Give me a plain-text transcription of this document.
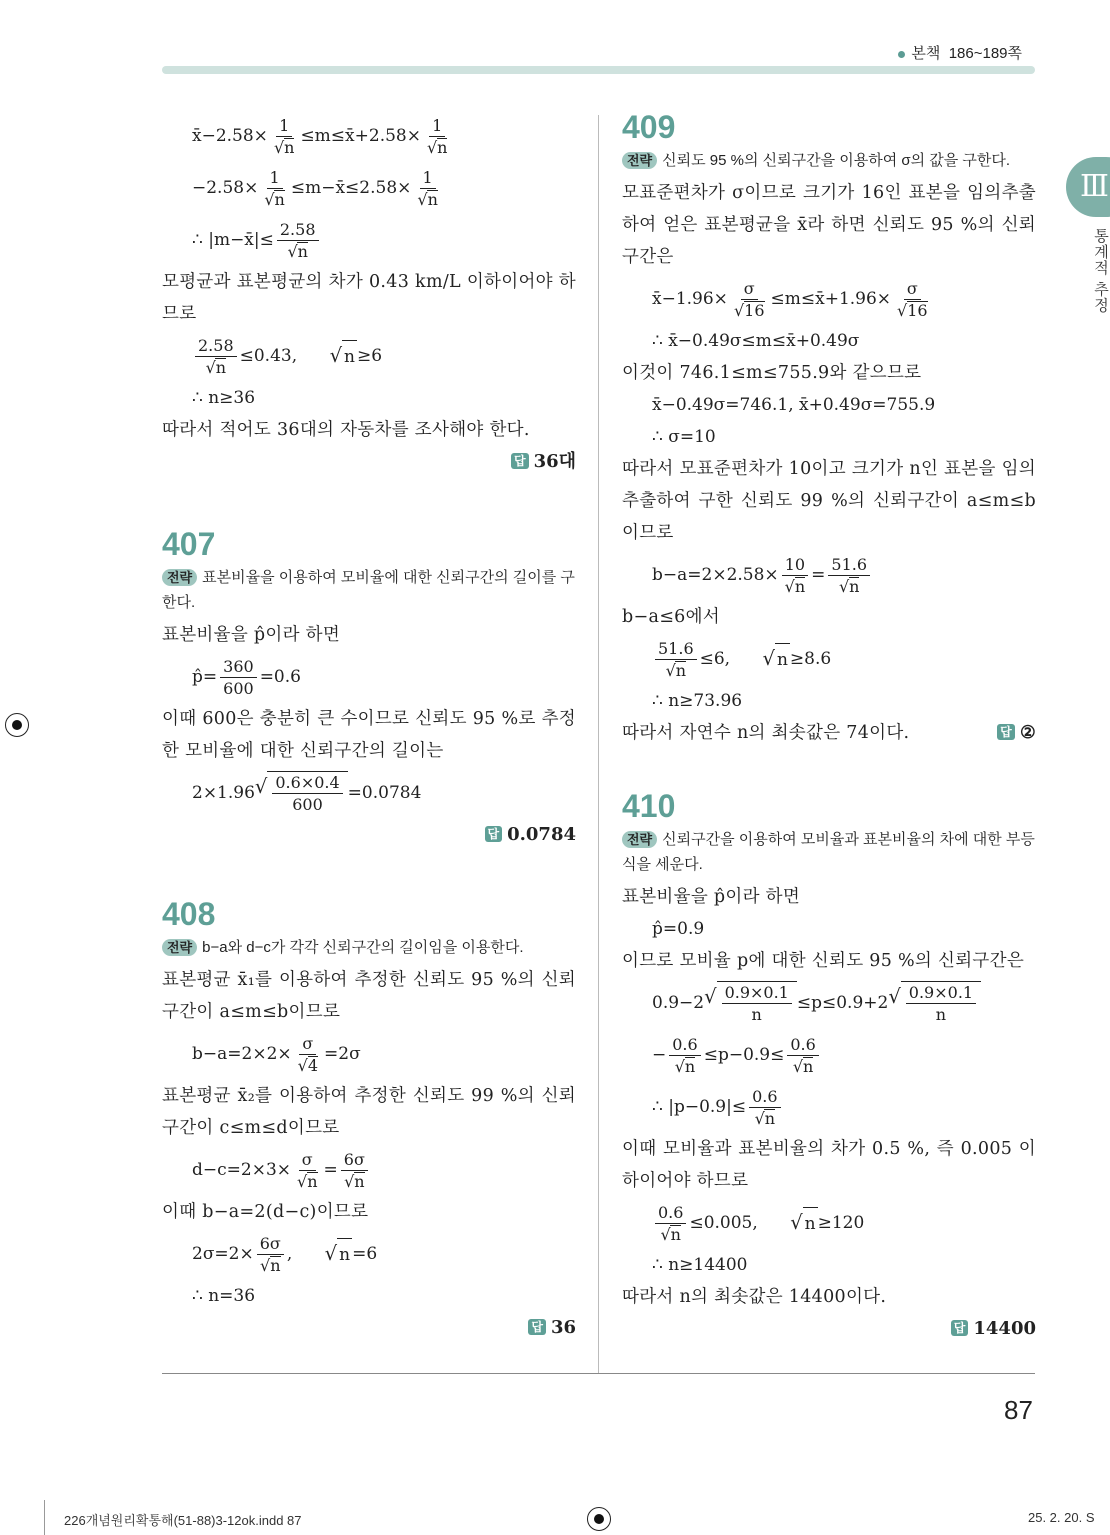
본책 186~189쪽
Ⅲ
통계적 추정
87
x̄−2.58× $\frac{1}{√n}$ ≤m≤x̄+2.58× $\frac{1}{√n}$
$-2.58\times \frac{1}{√n}$ ≤m−x̄≤2.58× $\frac{1}{√n}$
∴ |m−x̄|≤ $\frac{2.58}{√n}$
모평균과 표본평균의 차가 0.43 km/L 이하이어야 하므로
$\frac{2.58}{√n} \le 0.43$, √ n ≥6
∴ n≥36
따라서 적어도 36대의 자동차를 조사해야 한다.
답 36대
407
전략 표본비율을 이용하여 모비율에 대한 신뢰구간의 길이를 구한다.
표본비율을 p̂이라 하면
p̂= $\frac{360}{600} =0.6$
이때 600은 충분히 큰 수이므로 신뢰도 95 %로 추정한 모비율에 대한 신뢰구간의 길이는
2×1.96 √ $\frac{0.6\times 0.4}{600} =0.0784$
답 0.0784
408
전략 b−a와 d−c가 각각 신뢰구간의 길이임을 이용한다.
표본평균 x̄₁를 이용하여 추정한 신뢰도 95 %의 신뢰구간이 a≤m≤b이므로
$b-a=2\times 2\times \frac{\sigma}{√4} =2\sigma$
표본평균 x̄₂를 이용하여 추정한 신뢰도 99 %의 신뢰구간이 c≤m≤d이므로
$d-c=2\times 3\times \frac{\sigma}{√n} = \frac{6\sigma}{√n}$
이때 b−a=2(d−c)이므로
$2\sigma=2\times \frac{6\sigma}{√n}$ , √ n =6
∴ n=36
답 36
409
전략 신뢰도 95 %의 신뢰구간을 이용하여 σ의 값을 구한다.
모표준편차가 σ이므로 크기가 16인 표본을 임의추출하여 얻은 표본평균을 x̄라 하면 신뢰도 95 %의 신뢰구간은
x̄−1.96× $\frac{\sigma}{√16}$ ≤m≤x̄+1.96× $\frac{\sigma}{√16}$
∴ x̄−0.49σ≤m≤x̄+0.49σ
이것이 746.1≤m≤755.9와 같으므로
x̄−0.49σ=746.1, x̄+0.49σ=755.9
∴ σ=10
따라서 모표준편차가 10이고 크기가 n인 표본을 임의추출하여 구한 신뢰도 99 %의 신뢰구간이 a≤m≤b이므로
$b-a=2\times 2.58\times \frac{10}{√n} = \frac{51.6}{√n}$
b−a≤6에서
$\frac{51.6}{√n} \le 6$, √ n ≥8.6
∴ n≥73.96
답 ②
따라서 자연수 n의 최솟값은 74이다.
410
전략 신뢰구간을 이용하여 모비율과 표본비율의 차에 대한 부등식을 세운다.
표본비율을 p̂이라 하면
p̂=0.9
이므로 모비율 p에 대한 신뢰도 95 %의 신뢰구간은
0.9−2 √ $\frac{0.9\times 0.1}{n} \le p\le 0.9+2$ √ $\frac{0.9\times 0.1}{n}$
− $\frac{0.6}{√n} \le p-0.9\le \frac{0.6}{√n}$
∴ $|p-0.9|\le \frac{0.6}{√n}$
이때 모비율과 표본비율의 차가 0.5 %, 즉 0.005 이하이어야 하므로
$\frac{0.6}{√n} \le 0.005$, √ n ≥120
∴ n≥14400
따라서 n의 최솟값은 14400이다.
답 14400
226개념원리확통해(51-88)3-12ok.indd 87	25. 2. 20. S
